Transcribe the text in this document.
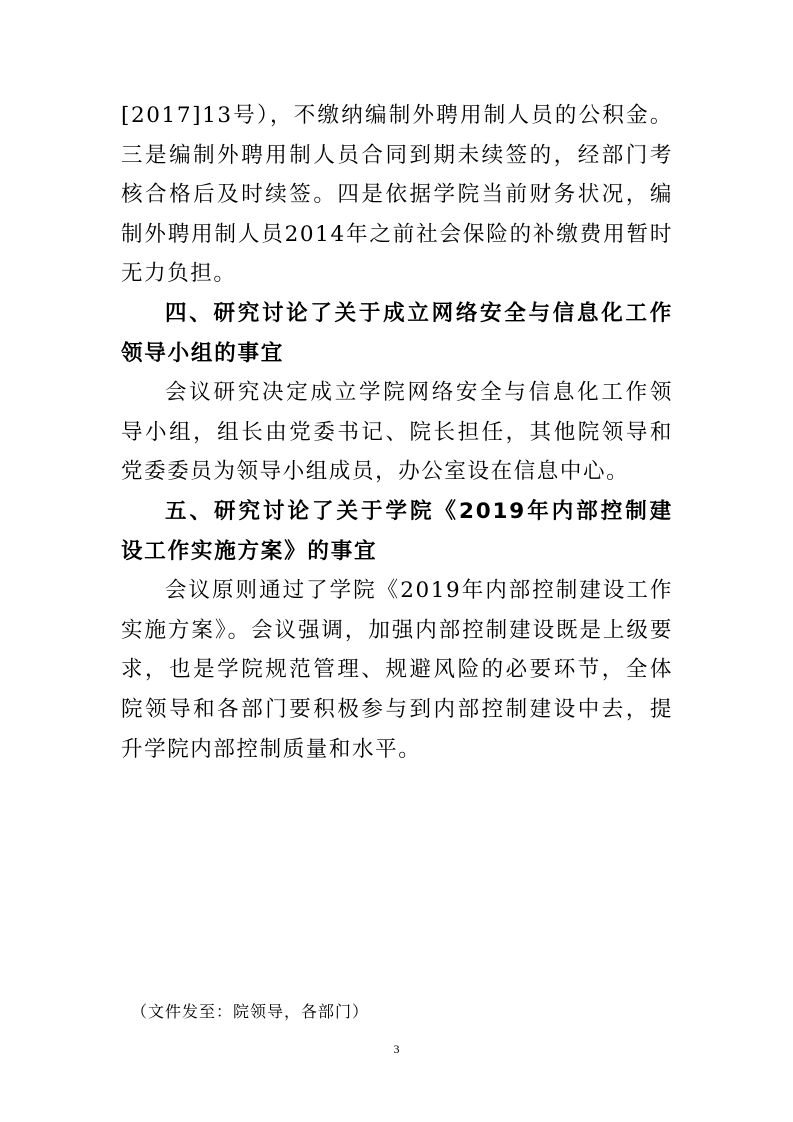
[2017]13号），不缴纳编制外聘用制人员的公积金。三是编制外聘用制人员合同到期未续签的，经部门考核合格后及时续签。四是依据学院当前财务状况，编制外聘用制人员2014年之前社会保险的补缴费用暂时无力负担。

四、研究讨论了关于成立网络安全与信息化工作领导小组的事宜

会议研究决定成立学院网络安全与信息化工作领导小组，组长由党委书记、院长担任，其他院领导和党委委员为领导小组成员，办公室设在信息中心。

五、研究讨论了关于学院《2019年内部控制建设工作实施方案》的事宜

会议原则通过了学院《2019年内部控制建设工作实施方案》。会议强调，加强内部控制建设既是上级要求，也是学院规范管理、规避风险的必要环节，全体院领导和各部门要积极参与到内部控制建设中去，提升学院内部控制质量和水平。

（文件发至：院领导，各部门）
3
